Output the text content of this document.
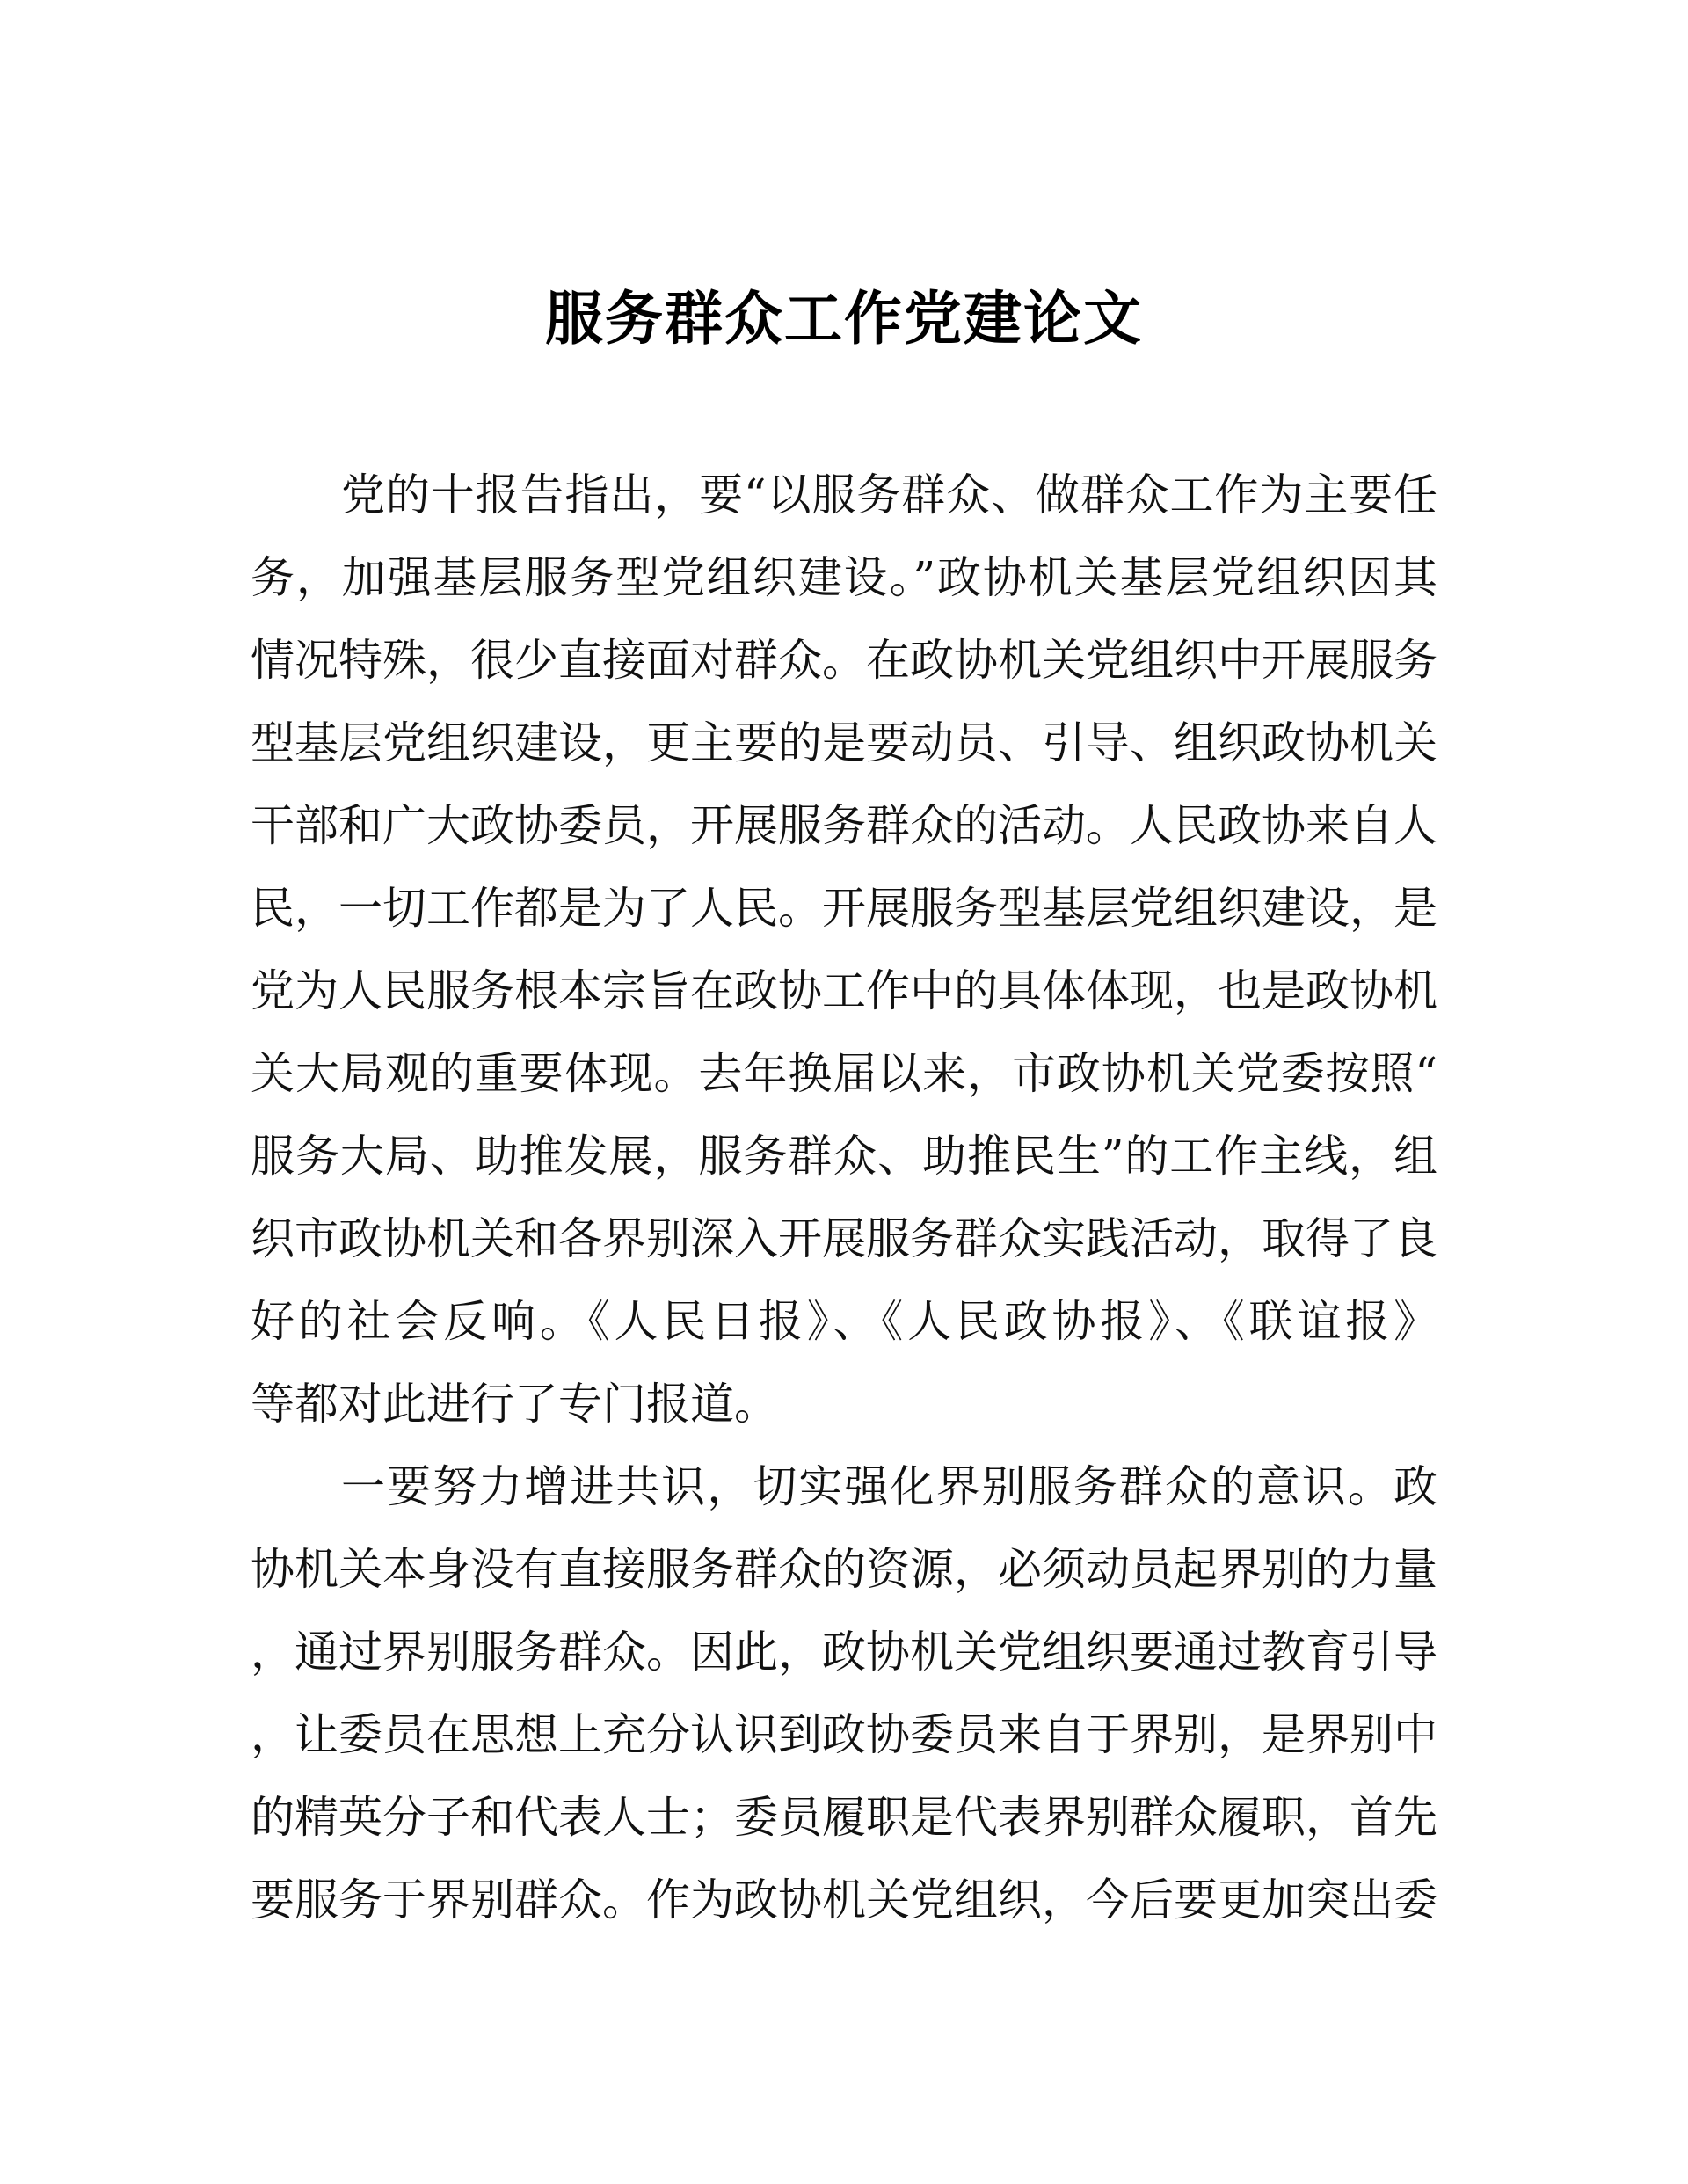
服务群众工作党建论文
党的十报告指出，要“以服务群众、做群众工作为主要任
务，加强基层服务型党组织建设。”政协机关基层党组织因其
情况特殊，很少直接面对群众。在政协机关党组织中开展服务
型基层党组织建设，更主要的是要动员、引导、组织政协机关
干部和广大政协委员，开展服务群众的活动。人民政协来自人
民，一切工作都是为了人民。开展服务型基层党组织建设，是
党为人民服务根本宗旨在政协工作中的具体体现，也是政协机
关大局观的重要体现。去年换届以来，市政协机关党委按照“
服务大局、助推发展，服务群众、助推民生”的工作主线，组
织市政协机关和各界别深入开展服务群众实践活动，取得了良
好的社会反响。《人民日报》、《人民政协报》、《联谊报》
等都对此进行了专门报道。
一要努力增进共识，切实强化界别服务群众的意识。政
协机关本身没有直接服务群众的资源，必须动员起界别的力量
，通过界别服务群众。因此，政协机关党组织要通过教育引导
，让委员在思想上充分认识到政协委员来自于界别，是界别中
的精英分子和代表人士；委员履职是代表界别群众履职，首先
要服务于界别群众。作为政协机关党组织，今后要更加突出委
